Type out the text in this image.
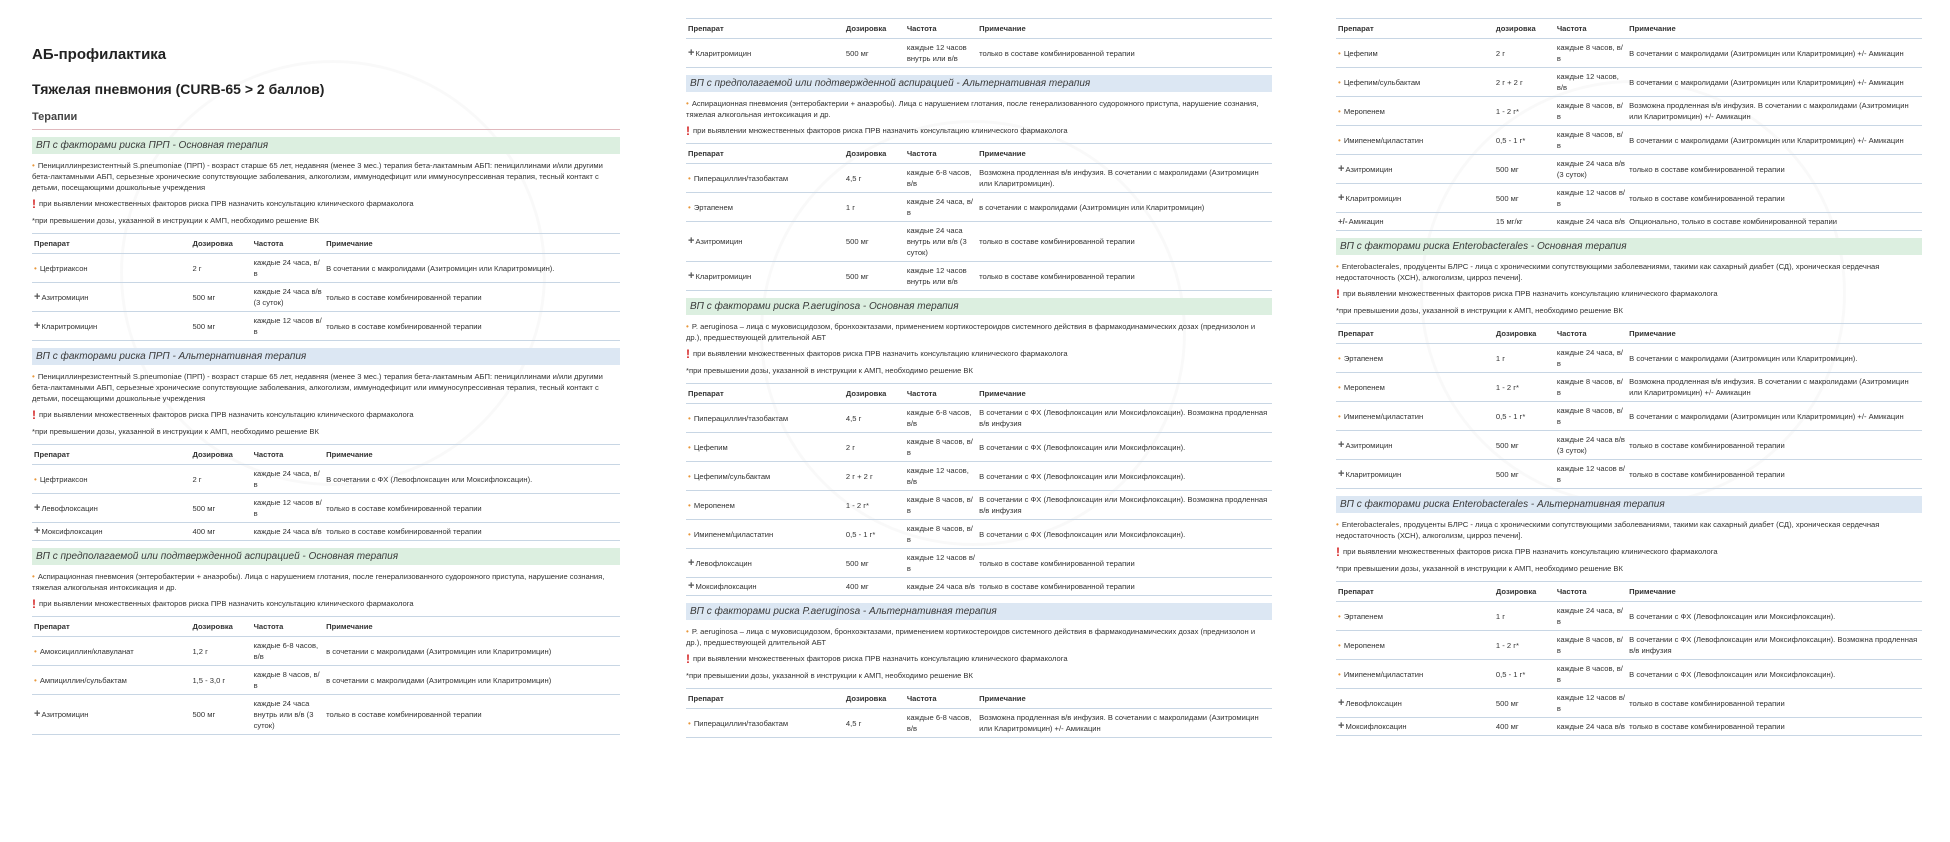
АБ-профилактика
Тяжелая пневмония (CURB-65 > 2 баллов)
Терапии
ВП с факторами риска ПРП - Основная терапия
• Пенициллинрезистентный S.pneumoniae (ПРП) - возраст старше 65 лет, недавняя (менее 3 мес.) терапия бета-лактамным АБП: пенициллинами и/или другими бета-лактамными АБП, серьезные хронические сопутствующие заболевания, алкоголизм, иммунодефицит или иммуносупрессивная терапия, тесный контакт с детьми, посещающими дошкольные учреждения
! при выявлении множественных факторов риска ПРВ назначить консультацию клинического фармаколога
*при превышении дозы, указанной в инструкции к АМП, необходимо решение ВК
Препарат	Дозировка	Частота	Примечание
• Цефтриаксон	2 г	каждые 24 часа, в/в	В сочетании с макролидами (Азитромицин или Кларитромицин).
+Азитромицин	500 мг	каждые 24 часа в/в (3 суток)	только в составе комбинированной терапии
+Кларитромицин	500 мг	каждые 12 часов в/в	только в составе комбинированной терапии
ВП с факторами риска ПРП - Альтернативная терапия
• Пенициллинрезистентный S.pneumoniae (ПРП) - возраст старше 65 лет, недавняя (менее 3 мес.) терапия бета-лактамным АБП: пенициллинами и/или другими бета-лактамными АБП, серьезные хронические сопутствующие заболевания, алкоголизм, иммунодефицит или иммуносупрессивная терапия, тесный контакт с детьми, посещающими дошкольные учреждения
! при выявлении множественных факторов риска ПРВ назначить консультацию клинического фармаколога
*при превышении дозы, указанной в инструкции к АМП, необходимо решение ВК
Препарат	Дозировка	Частота	Примечание
• Цефтриаксон	2 г	каждые 24 часа, в/в	В сочетании с ФХ (Левофлоксацин или Моксифлоксацин).
+Левофлоксацин	500 мг	каждые 12 часов в/в	только в составе комбинированной терапии
+Моксифлоксацин	400 мг	каждые 24 часа в/в	только в составе комбинированной терапии
ВП с предполагаемой или подтвержденной аспирацией - Основная терапия
• Аспирационная пневмония (энтеробактерии + анаэробы). Лица с нарушением глотания, после генерализованного судорожного приступа, нарушение сознания, тяжелая алкогольная интоксикация и др.
! при выявлении множественных факторов риска ПРВ назначить консультацию клинического фармаколога
Препарат	Дозировка	Частота	Примечание
• Амоксициллин/клавуланат	1,2 г	каждые 6-8 часов, в/в	в сочетании с макролидами (Азитромицин или Кларитромицин)
• Ампициллин/сульбактам	1,5 - 3,0 г	каждые 8 часов, в/в	в сочетании с макролидами (Азитромицин или Кларитромицин)
+Азитромицин	500 мг	каждые 24 часа внутрь или в/в (3 суток)	только в составе комбинированной терапии
Препарат	Дозировка	Частота	Примечание
+Кларитромицин	500 мг	каждые 12 часов внутрь или в/в	только в составе комбинированной терапии
ВП с предполагаемой или подтвержденной аспирацией - Альтернативная терапия
• Аспирационная пневмония (энтеробактерии + анаэробы). Лица с нарушением глотания, после генерализованного судорожного приступа, нарушение сознания, тяжелая алкогольная интоксикация и др.
! при выявлении множественных факторов риска ПРВ назначить консультацию клинического фармаколога
Препарат	Дозировка	Частота	Примечание
• Пиперациллин/тазобактам	4,5 г	каждые 6-8 часов, в/в	Возможна продленная в/в инфузия. В сочетании с макролидами (Азитромицин или Кларитромицин).
• Эртапенем	1 г	каждые 24 часа, в/в	в сочетании с макролидами (Азитромицин или Кларитромицин)
+Азитромицин	500 мг	каждые 24 часа внутрь или в/в (3 суток)	только в составе комбинированной терапии
+Кларитромицин	500 мг	каждые 12 часов внутрь или в/в	только в составе комбинированной терапии
ВП с факторами риска P.aeruginosa - Основная терапия
• P. aeruginosa – лица с муковисцидозом, бронхоэктазами, применением кортикостероидов системного действия в фармакодинамических дозах (преднизолон и др.), предшествующей длительной АБТ
! при выявлении множественных факторов риска ПРВ назначить консультацию клинического фармаколога
*при превышении дозы, указанной в инструкции к АМП, необходимо решение ВК
Препарат	Дозировка	Частота	Примечание
• Пиперациллин/тазобактам	4,5 г	каждые 6-8 часов, в/в	В сочетании с ФХ (Левофлоксацин или Моксифлоксацин). Возможна продленная в/в инфузия
• Цефепим	2 г	каждые 8 часов, в/в	В сочетании с ФХ (Левофлоксацин или Моксифлоксацин).
• Цефепим/сульбактам	2 г + 2 г	каждые 12 часов, в/в	В сочетании с ФХ (Левофлоксацин или Моксифлоксацин).
• Меропенем	1 - 2 г*	каждые 8 часов, в/в	В сочетании с ФХ (Левофлоксацин или Моксифлоксацин). Возможна продленная в/в инфузия
• Имипенем/циластатин	0,5 - 1 г*	каждые 8 часов, в/в	В сочетании с ФХ (Левофлоксацин или Моксифлоксацин).
+Левофлоксацин	500 мг	каждые 12 часов в/в	только в составе комбинированной терапии
+Моксифлоксацин	400 мг	каждые 24 часа в/в	только в составе комбинированной терапии
ВП с факторами риска P.aeruginosa - Альтернативная терапия
• P. aeruginosa – лица с муковисцидозом, бронхоэктазами, применением кортикостероидов системного действия в фармакодинамических дозах (преднизолон и др.), предшествующей длительной АБТ
! при выявлении множественных факторов риска ПРВ назначить консультацию клинического фармаколога
*при превышении дозы, указанной в инструкции к АМП, необходимо решение ВК
Препарат	Дозировка	Частота	Примечание
• Пиперациллин/тазобактам	4,5 г	каждые 6-8 часов, в/в	Возможна продленная в/в инфузия. В сочетании с макролидами (Азитромицин или Кларитромицин) +/- Амикацин
Препарат	дозировка	Частота	Примечание
• Цефепим	2 г	каждые 8 часов, в/в	В сочетании с макролидами (Азитромицин или Кларитромицин) +/- Амикацин
• Цефепим/сульбактам	2 г + 2 г	каждые 12 часов, в/в	В сочетании с макролидами (Азитромицин или Кларитромицин) +/- Амикацин
• Меропенем	1 - 2 г*	каждые 8 часов, в/в	Возможна продленная в/в инфузия. В сочетании с макролидами (Азитромицин или Кларитромицин) +/- Амикацин
• Имипенем/циластатин	0,5 - 1 г*	каждые 8 часов, в/в	В сочетании с макролидами (Азитромицин или Кларитромицин) +/- Амикацин
+Азитромицин	500 мг	каждые 24 часа в/в (3 суток)	только в составе комбинированной терапии
+Кларитромицин	500 мг	каждые 12 часов в/в	только в составе комбинированной терапии
+/-Амикацин	15 мг/кг	каждые 24 часа в/в	Опционально, только в составе комбинированной терапии
ВП с факторами риска Enterobacterales - Основная терапия
• Enterobacterales, продуценты БЛРС - лица с хроническими сопутствующими заболеваниями, такими как сахарный диабет (СД), хроническая сердечная недостаточность (ХСН), алкоголизм, цирроз печени].
! при выявлении множественных факторов риска ПРВ назначить консультацию клинического фармаколога
*при превышении дозы, указанной в инструкции к АМП, необходимо решение ВК
Препарат	Дозировка	Частота	Примечание
• Эртапенем	1 г	каждые 24 часа, в/в	В сочетании с макролидами (Азитромицин или Кларитромицин).
• Меропенем	1 - 2 г*	каждые 8 часов, в/в	Возможна продленная в/в инфузия. В сочетании с макролидами (Азитромицин или Кларитромицин) +/- Амикацин
• Имипенем/циластатин	0,5 - 1 г*	каждые 8 часов, в/в	В сочетании с макролидами (Азитромицин или Кларитромицин) +/- Амикацин
+Азитромицин	500 мг	каждые 24 часа в/в (3 суток)	только в составе комбинированной терапии
+Кларитромицин	500 мг	каждые 12 часов в/в	только в составе комбинированной терапии
ВП с факторами риска Enterobacterales - Альтернативная терапия
• Enterobacterales, продуценты БЛРС - лица с хроническими сопутствующими заболеваниями, такими как сахарный диабет (СД), хроническая сердечная недостаточность (ХСН), алкоголизм, цирроз печени].
! при выявлении множественных факторов риска ПРВ назначить консультацию клинического фармаколога
*при превышении дозы, указанной в инструкции к АМП, необходимо решение ВК
Препарат	Дозировка	Частота	Примечание
• Эртапенем	1 г	каждые 24 часа, в/в	В сочетании с ФХ (Левофлоксацин или Моксифлоксацин).
• Меропенем	1 - 2 г*	каждые 8 часов, в/в	В сочетании с ФХ (Левофлоксацин или Моксифлоксацин). Возможна продленная в/в инфузия
• Имипенем/циластатин	0,5 - 1 г*	каждые 8 часов, в/в	В сочетании с ФХ (Левофлоксацин или Моксифлоксацин).
+Левофлоксацин	500 мг	каждые 12 часов в/в	только в составе комбинированной терапии
+Моксифлоксацин	400 мг	каждые 24 часа в/в	только в составе комбинированной терапии
